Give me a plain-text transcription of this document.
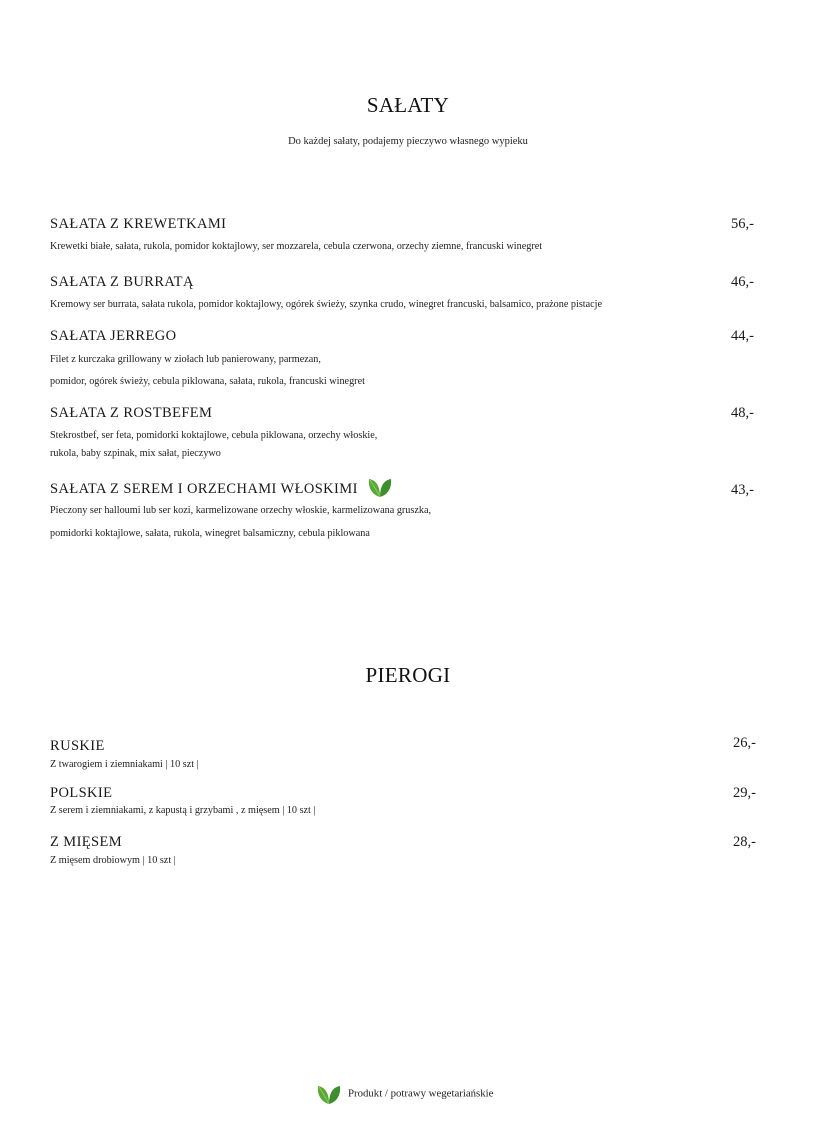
SAŁATY
Do każdej sałaty, podajemy pieczywo własnego wypieku
SAŁATA Z KREWETKAMI	56,-
Krewetki białe, sałata, rukola, pomidor koktajlowy, ser mozzarela, cebula czerwona, orzechy ziemne, francuski winegret
SAŁATA Z BURRATĄ	46,-
Kremowy ser burrata, sałata rukola, pomidor koktajlowy, ogórek świeży, szynka crudo, winegret francuski, balsamico, prażone pistacje
SAŁATA JERREGO	44,-
Filet z kurczaka grillowany w ziołach lub panierowany, parmezan,
pomidor, ogórek świeży, cebula piklowana, sałata, rukola, francuski winegret
SAŁATA Z ROSTBEFEM	48,-
Stekrostbef, ser feta, pomidorki koktajlowe, cebula piklowana, orzechy włoskie,
rukola, baby szpinak, mix sałat, pieczywo
SAŁATA Z SEREM I ORZECHAMI WŁOSKIMI	43,-
Pieczony ser halloumi lub ser kozi, karmelizowane orzechy włoskie, karmelizowana gruszka,
pomidorki koktajlowe, sałata, rukola, winegret balsamiczny, cebula piklowana
PIEROGI
RUSKIE	26,-
Z twarogiem i ziemniakami | 10 szt |
POLSKIE	29,-
Z serem i ziemniakami, z kapustą i grzybami , z mięsem | 10 szt |
Z MIĘSEM	28,-
Z mięsem drobiowym | 10 szt |
Produkt / potrawy wegetariańskie
